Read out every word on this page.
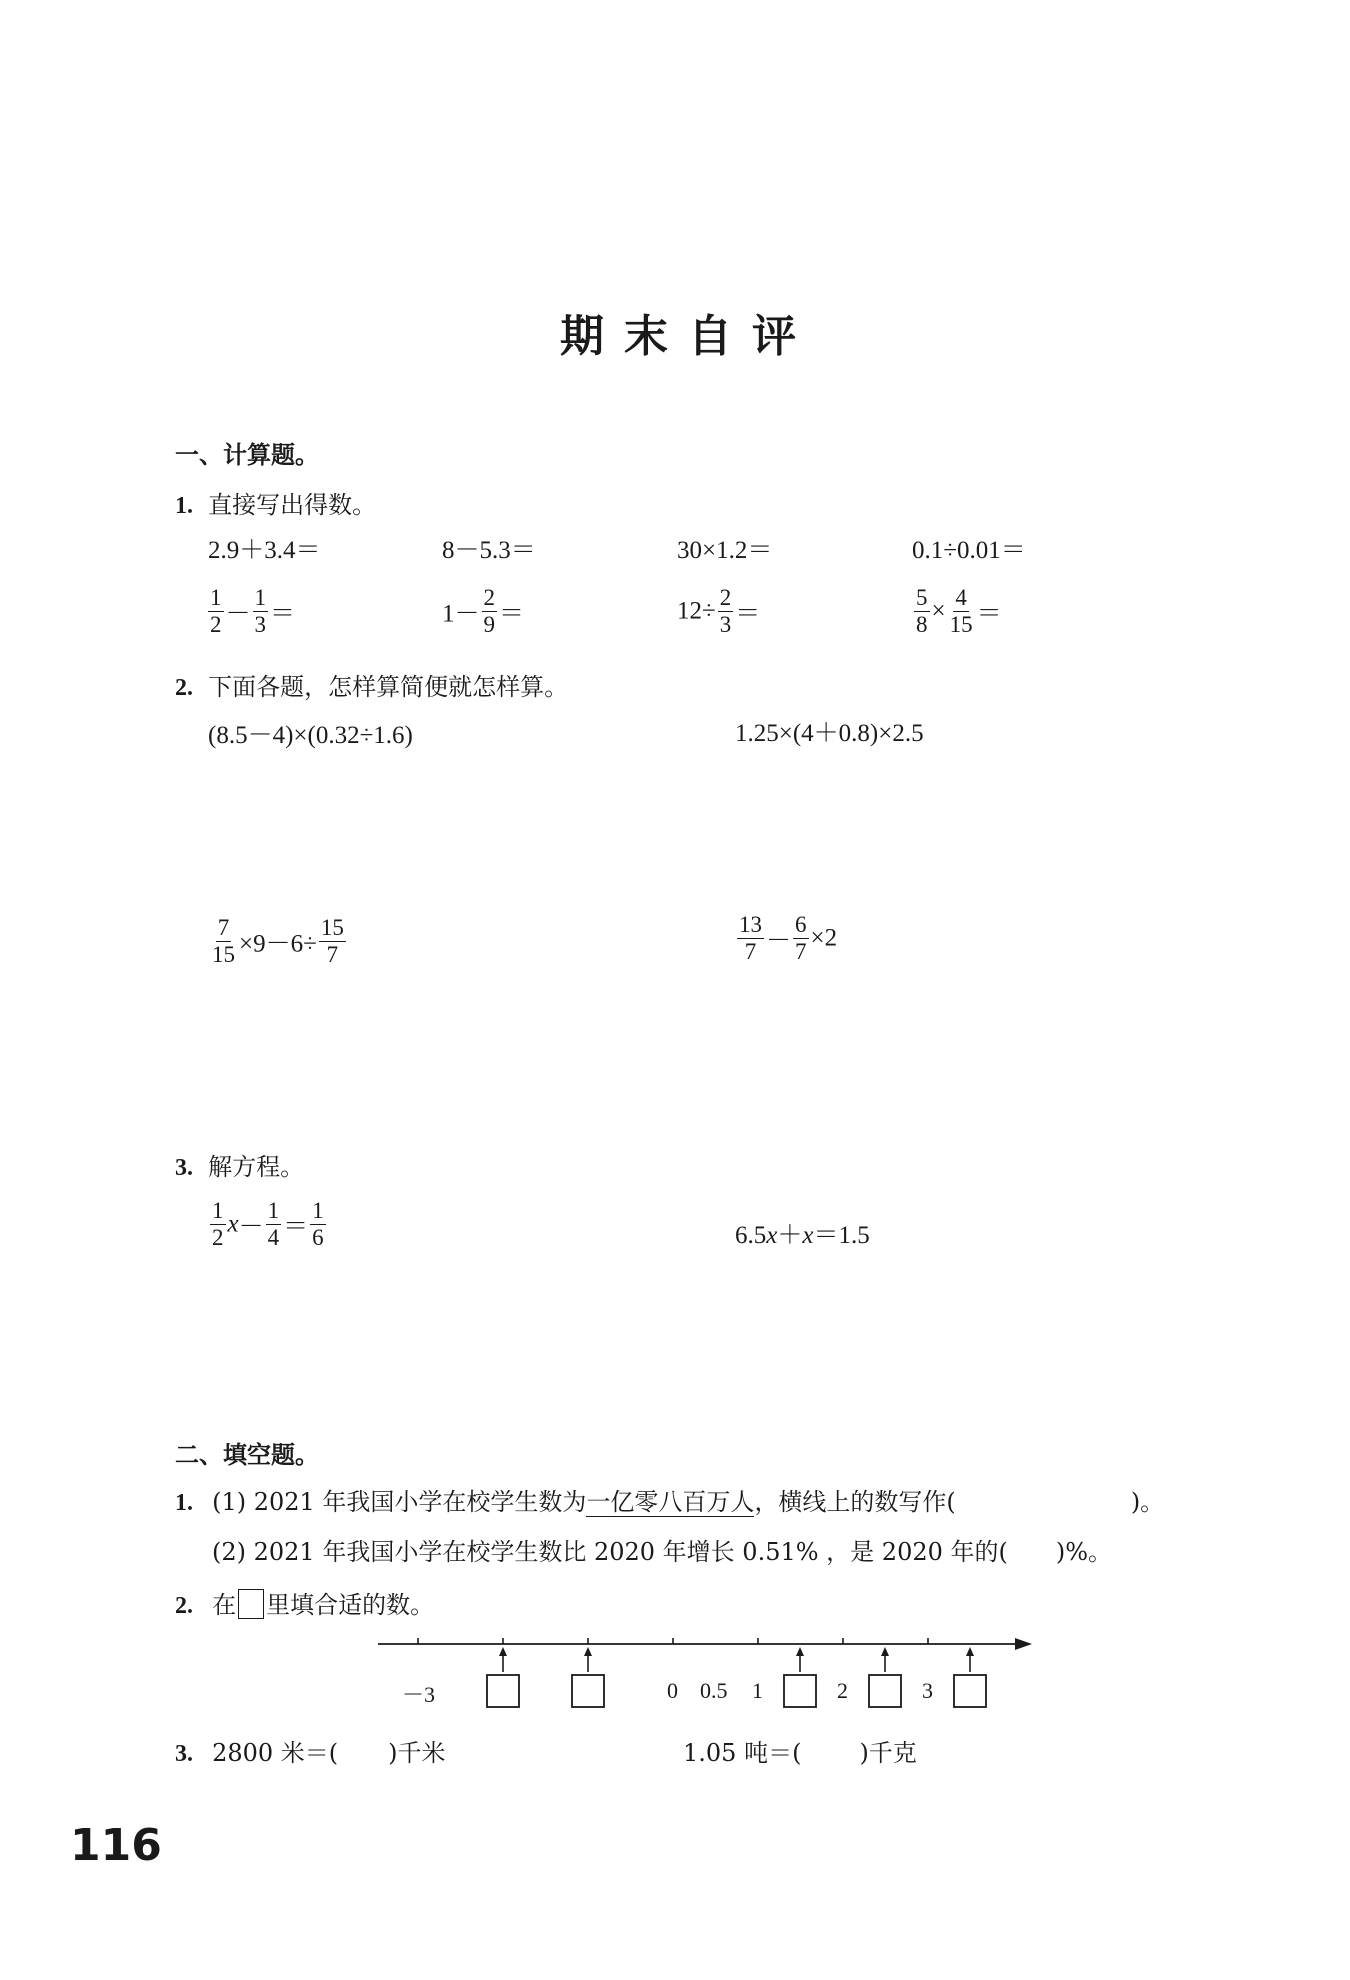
期末自评
一、计算题。
1. 直接写出得数。
2.9＋3.4＝	8－5.3＝	30×1.2＝	0.1÷0.01＝
$\frac{1}{2} - \frac{1}{3}$ ＝	$1- \frac{2}{9}$ ＝	$12\div \frac{2}{3}$ ＝	$\frac{5}{8} \times \frac{4}{15}$ ＝
2. 下面各题，怎样算简便就怎样算。
(8.5－4)×(0.32÷1.6)	1.25×(4＋0.8)×2.5
$\frac{7}{15} \times 9-6\div \frac{15}{7}$	$\frac{13}{7} - \frac{6}{7} \times 2$
3. 解方程。
$\frac{1}{2} x- \frac{1}{4} = \frac{1}{6}$	6.5x＋x＝1.5
二、填空题。
1. (1) 2021 年我国小学在校学生数为一亿零八百万人，横线上的数写作(	)。
(2) 2021 年我国小学在校学生数比 2020 年增长 0.51% ，是 2020 年的( )%。
2. 在 里填合适的数。
－3	0 0.5 1	2	3
3. 2800 米＝( )千米	1.05 吨＝( )千克
116
